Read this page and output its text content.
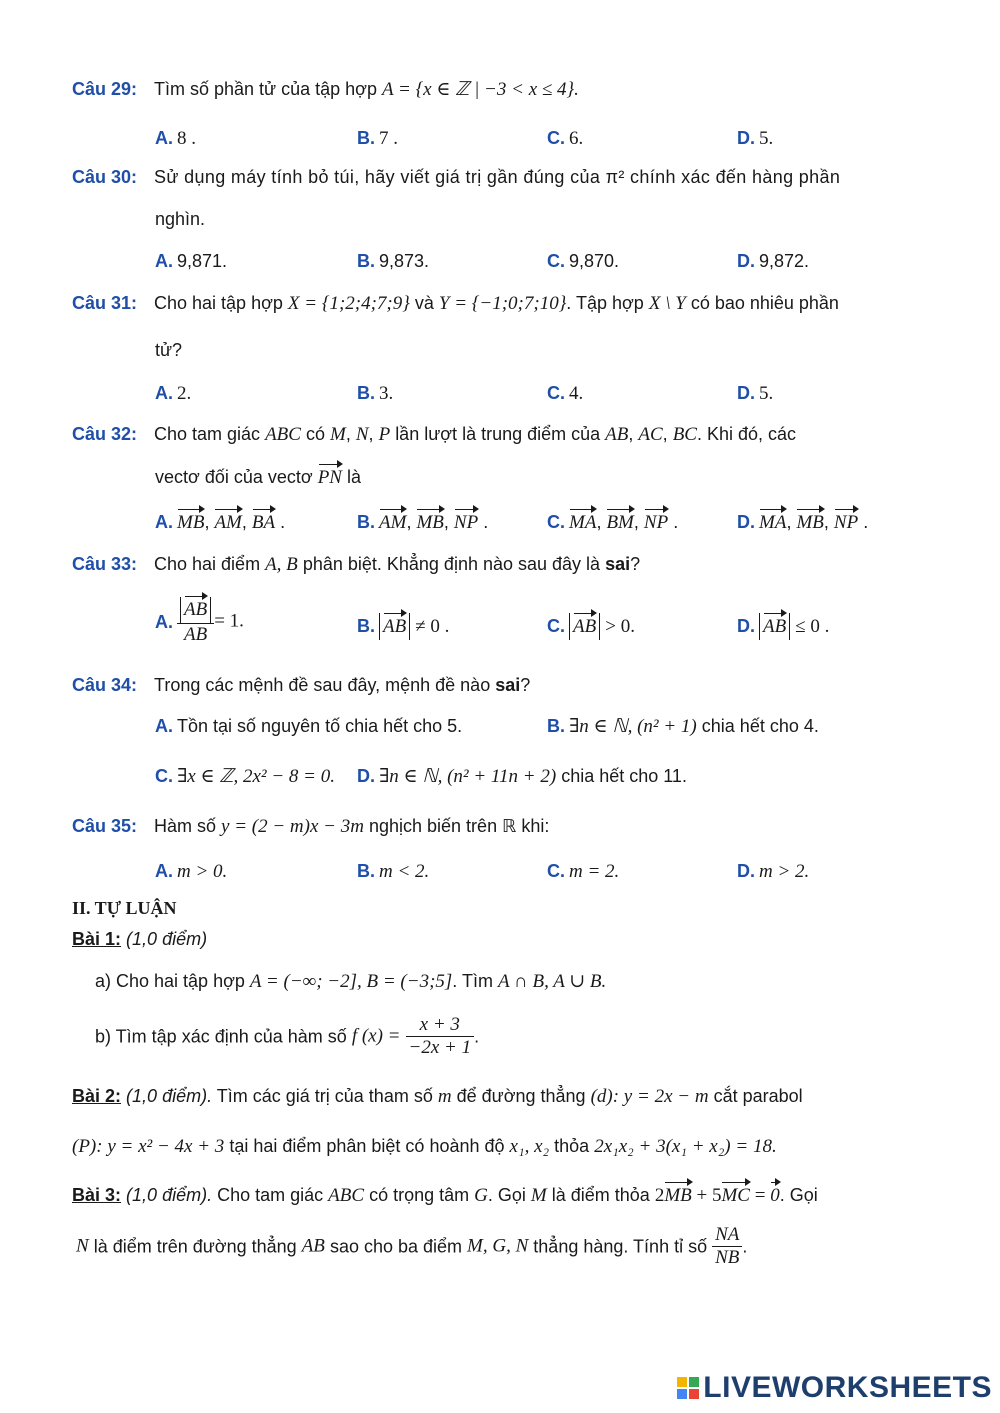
Câu 29: Tìm số phần tử của tập hợp A = {x ∈ ℤ | −3 < x ≤ 4}.
A. 8 .	B. 7 .	C. 6.	D. 5.
Câu 30: Sử dụng máy tính bỏ túi, hãy viết giá trị gần đúng của π² chính xác đến hàng phần
nghìn.
A. 9,871.	B. 9,873.	C. 9,870.	D. 9,872.
Câu 31: Cho hai tập hợp X = {1;2;4;7;9} và Y = {−1;0;7;10}. Tập hợp X \ Y có bao nhiêu phần
tử?
A. 2.	B. 3.	C. 4.	D. 5.
Câu 32: Cho tam giác ABC có M, N, P lần lượt là trung điểm của AB, AC, BC. Khi đó, các
vectơ đối của vectơ PN là
A. MB, AM, BA .	B. AM, MB, NP .	C. MA, BM, NP .	D. MA, MB, NP .
Câu 33: Cho hai điểm A, B phân biệt. Khẳng định nào sau đây là sai?
A. $\frac{AB}{AB} = 1$.	B. AB ≠ 0 .	C. AB > 0.	D. AB ≤ 0 .
Câu 34: Trong các mệnh đề sau đây, mệnh đề nào sai?
A. Tồn tại số nguyên tố chia hết cho 5.	B. ∃n ∈ ℕ, (n² + 1) chia hết cho 4.
C. ∃x ∈ ℤ, 2x² − 8 = 0. D. ∃n ∈ ℕ, (n² + 11n + 2) chia hết cho 11.
Câu 35: Hàm số y = (2 − m)x − 3m nghịch biến trên ℝ khi:
A. m > 0.	B. m < 2.	C. m = 2.	D. m > 2.
II. TỰ LUẬN
Bài 1: (1,0 điểm)
a) Cho hai tập hợp A = (−∞; −2], B = (−3;5]. Tìm A ∩ B, A ∪ B.
b) Tìm tập xác định của hàm số f $(x) = \frac{x + 3}{-2x + 1}$ .
Bài 2: (1,0 điểm). Tìm các giá trị của tham số m để đường thẳng (d): y = 2x − m cắt parabol
(P): y = x² − 4x + 3 tại hai điểm phân biệt có hoành độ x₁, x₂ thỏa 2x₁x₂ + 3(x₁ + x₂) = 18.
Bài 3: (1,0 điểm). Cho tam giác ABC có trọng tâm G. Gọi M là điểm thỏa 2MB + 5MC = 0. Gọi
N là điểm trên đường thẳng AB sao cho ba điểm M, G, N thẳng hàng. Tính tỉ số $\frac{NA}{NB}$ .
LIVEWORKSHEETS
